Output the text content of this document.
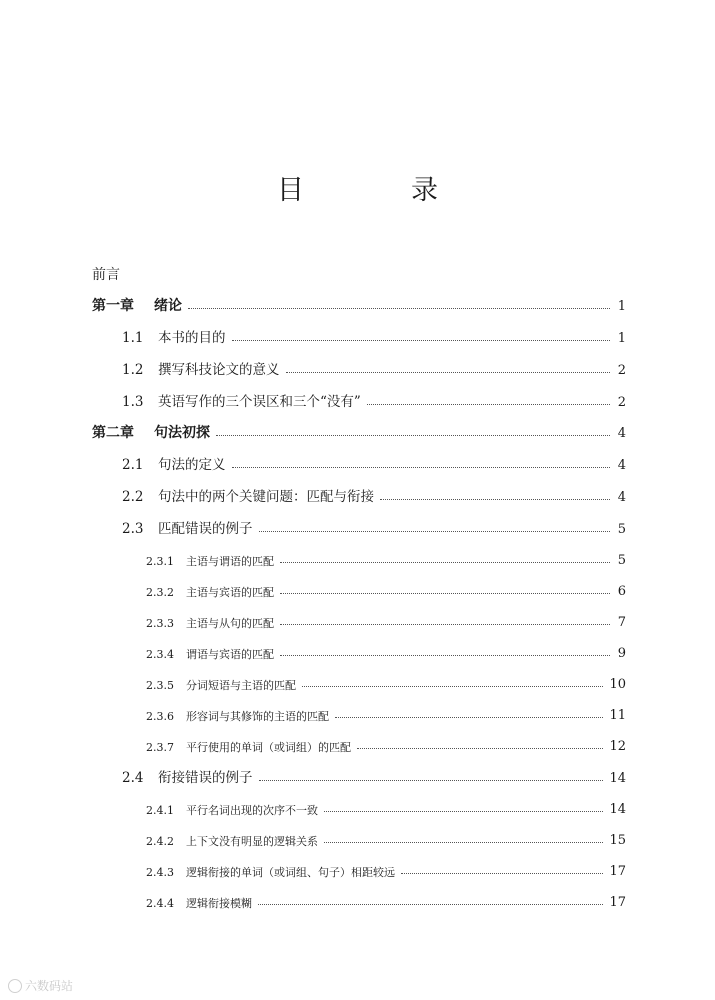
目　录
前言
第一章 绪论	1
1.1 本书的目的	1
1.2 撰写科技论文的意义	2
1.3 英语写作的三个误区和三个“没有”	2
第二章 句法初探	4
2.1 句法的定义	4
2.2 句法中的两个关键问题：匹配与衔接	4
2.3 匹配错误的例子	5
2.3.1 主语与谓语的匹配	5
2.3.2 主语与宾语的匹配	6
2.3.3 主语与从句的匹配	7
2.3.4 谓语与宾语的匹配	9
2.3.5 分词短语与主语的匹配	10
2.3.6 形容词与其修饰的主语的匹配	11
2.3.7 平行使用的单词（或词组）的匹配	12
2.4 衔接错误的例子	14
2.4.1 平行名词出现的次序不一致	14
2.4.2 上下文没有明显的逻辑关系	15
2.4.3 逻辑衔接的单词（或词组、句子）相距较远	17
2.4.4 逻辑衔接模糊	17
六数码站
